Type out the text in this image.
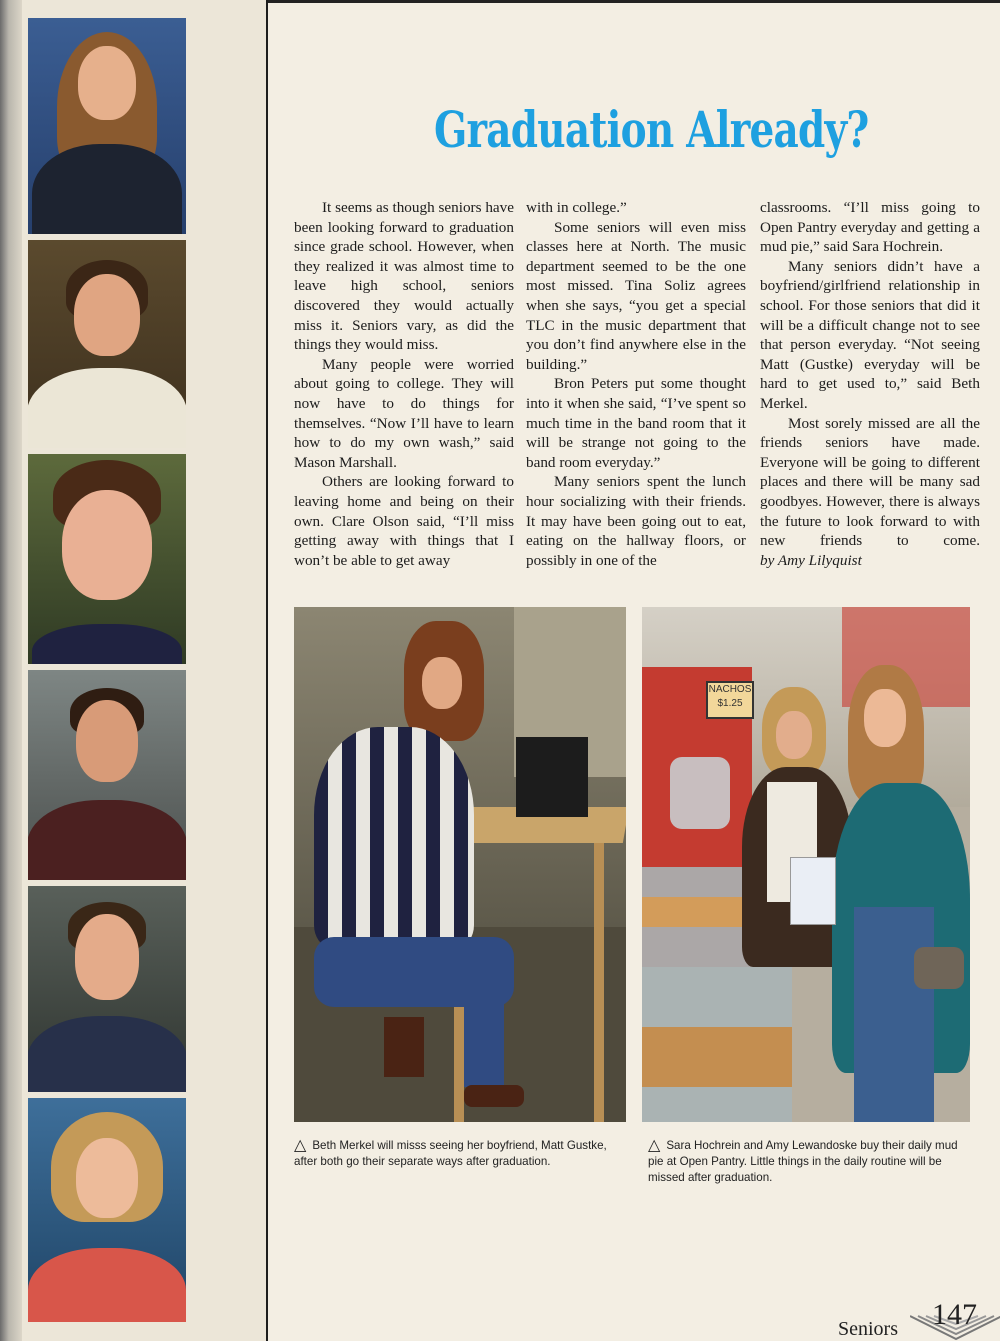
Graduation Already?

It seems as though seniors have been looking forward to graduation since grade school. However, when they realized it was almost time to leave high school, seniors discovered they would actually miss it. Seniors vary, as did the things they would miss.

Many people were worried about going to college. They will now have to do things for themselves. “Now I’ll have to learn how to do my own wash,” said Mason Marshall.

Others are looking forward to leaving home and being on their own. Clare Olson said, “I’ll miss getting away with things that I won’t be able to get away

with in college.”

Some seniors will even miss classes here at North. The music department seemed to be the one most missed. Tina Soliz agrees when she says, “you get a special TLC in the music department that you don’t find anywhere else in the building.”

Bron Peters put some thought into it when she said, “I’ve spent so much time in the band room that it will be strange not going to the band room everyday.”

Many seniors spent the lunch hour socializing with their friends. It may have been going out to eat, eating on the hallway floors, or possibly in one of the

classrooms. “I’ll miss going to Open Pantry everyday and getting a mud pie,” said Sara Hochrein.

Many seniors didn’t have a boyfriend/girlfriend relationship in school. For those seniors that did it will be a difficult change not to see that person everyday. “Not seeing Matt (Gustke) everyday will be hard to get used to,” said Beth Merkel.

Most sorely missed are all the friends seniors have made. Everyone will be going to different places and there will be many sad goodbyes. However, there is always the future to look forward to with new friends to come. by Amy Lilyquist

NACHOS
$1.25
△ Beth Merkel will misss seeing her boyfriend, Matt Gustke, after both go their separate ways after graduation.
△ Sara Hochrein and Amy Lewandoske buy their daily mud pie at Open Pantry. Little things in the daily routine will be missed after graduation.
Seniors 147
